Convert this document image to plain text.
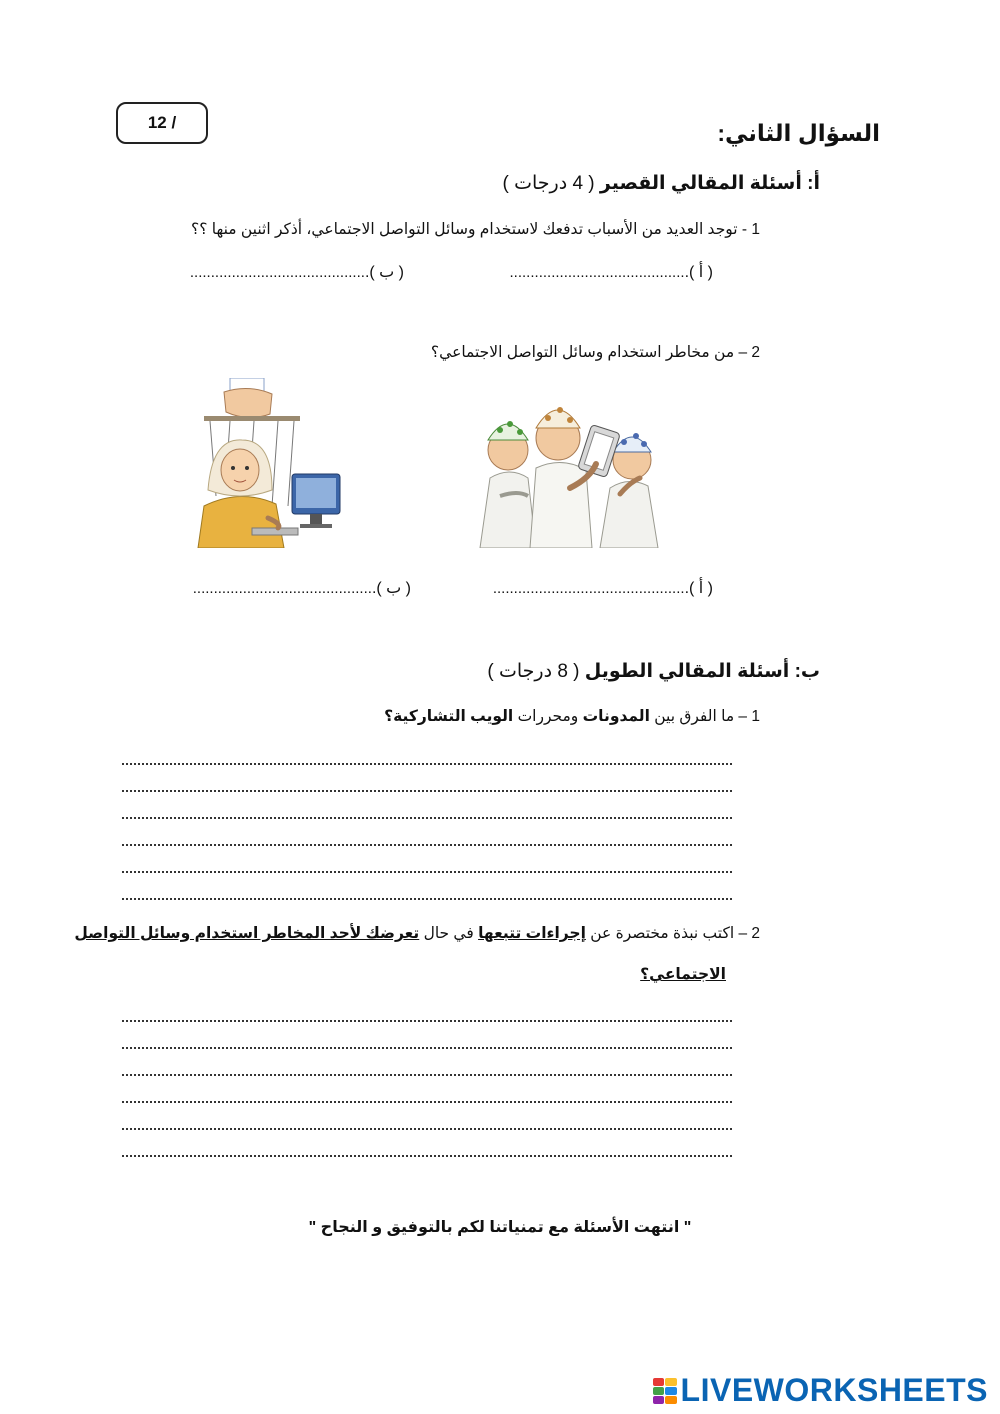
12 /	السؤال الثاني:
أ: أسئلة المقالي القصير ( 4 درجات )
1 - توجد العديد من الأسباب تدفعك لاستخدام وسائل التواصل الاجتماعي، أذكر اثنين منها ؟؟
( أ )...........................................
( ب )...........................................
2 – من مخاطر استخدام وسائل التواصل الاجتماعي؟
( أ )...............................................
( ب )............................................
ب: أسئلة المقالي الطويل ( 8 درجات )
1 – ما الفرق بين المدونات ومحررات الويب التشاركية؟
2 – اكتب نبذة مختصرة عن إجراءات تتبعها في حال تعرضك لأحد المخاطر استخدام وسائل التواصل
الاجتماعي؟
" انتهت الأسئلة مع تمنياتنا لكم بالتوفيق و النجاح "
LIVEWORKSHEETS
